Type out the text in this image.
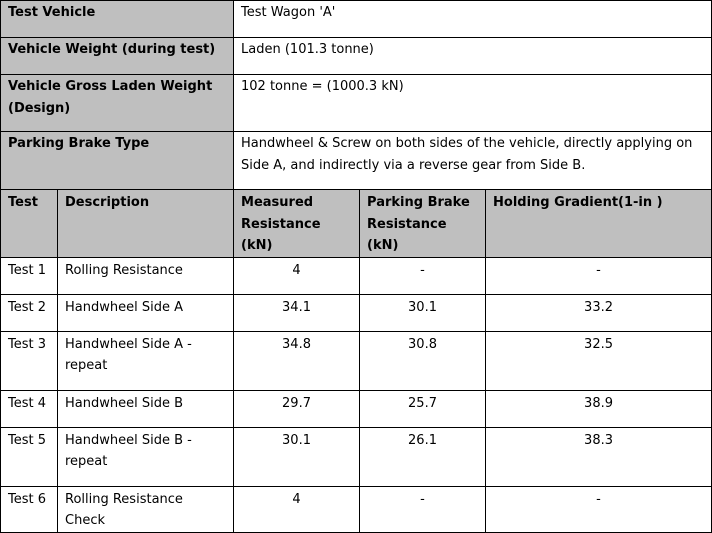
Test Vehicle		Test Wagon 'A'		
Vehicle Weight (during test)		Laden (101.3 tonne)		
Vehicle Gross Laden Weight (Design)		102 tonne = (1000.3 kN)		
Parking Brake Type		Handwheel & Screw on both sides of the vehicle, directly applying on Side A, and indirectly via a reverse gear from Side B.		
Test	Description	Measured Resistance (kN)	Parking Brake Resistance (kN)	Holding Gradient(1-in )
Test 1	Rolling Resistance	4	-	-
Test 2	Handwheel Side A	34.1	30.1	33.2
Test 3	Handwheel Side A - repeat	34.8	30.8	32.5
Test 4	Handwheel Side B	29.7	25.7	38.9
Test 5	Handwheel Side B - repeat	30.1	26.1	38.3
Test 6	Rolling Resistance Check	4	-	-
